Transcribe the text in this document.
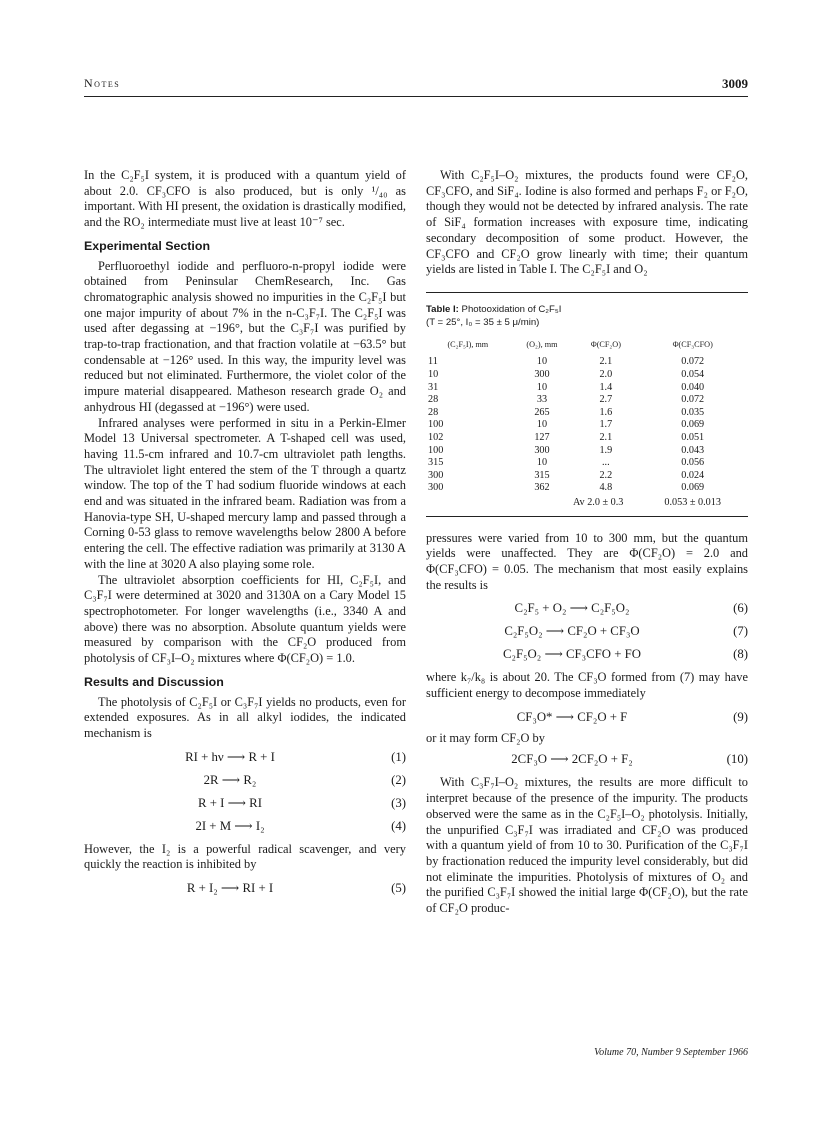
Notes	3009

In the C₂F₅I system, it is produced with a quantum yield of about 2.0. CF₃CFO is also produced, but is only ¹/₄₀ as important. With HI present, the oxidation is drastically modified, and the RO₂ intermediate must live at least 10⁻⁷ sec.

Experimental Section

Perfluoroethyl iodide and perfluoro-n-propyl iodide were obtained from Peninsular ChemResearch, Inc. Gas chromatographic analysis showed no impurities in the C₂F₅I but one major impurity of about 7% in the n-C₃F₇I. The C₂F₅I was used after degassing at −196°, but the C₃F₇I was purified by trap-to-trap fractionation, and that fraction volatile at −63.5° but condensable at −126° used. In this way, the impurity level was reduced but not eliminated. Furthermore, the violet color of the impure material disappeared. Matheson research grade O₂ and anhydrous HI (degassed at −196°) were used.

Infrared analyses were performed in situ in a Perkin-Elmer Model 13 Universal spectrometer. A T-shaped cell was used, having 11.5-cm infrared and 10.7-cm ultraviolet path lengths. The ultraviolet light entered the stem of the T through a quartz window. The top of the T had sodium fluoride windows at each end and was situated in the infrared beam. Radiation was from a Hanovia-type SH, U-shaped mercury lamp and passed through a Corning 0-53 glass to remove wavelengths below 2800 A before entering the cell. The effective radiation was primarily at 3130 A with the line at 3020 A also playing some role.

The ultraviolet absorption coefficients for HI, C₂F₅I, and C₃F₇I were determined at 3020 and 3130A on a Cary Model 15 spectrophotometer. For longer wavelengths (i.e., 3340 A and above) there was no absorption. Absolute quantum yields were measured by comparison with the CF₂O produced from photolysis of CF₃I–O₂ mixtures where Φ(CF₂O) = 1.0.

Results and Discussion

The photolysis of C₂F₅I or C₃F₇I yields no products, even for extended exposures. As in all alkyl iodides, the indicated mechanism is

RI + hν ⟶ R + I	(1)
2R ⟶ R₂	(2)
R + I ⟶ RI	(3)
2I + M ⟶ I₂	(4)

However, the I₂ is a powerful radical scavenger, and very quickly the reaction is inhibited by

R + I₂ ⟶ RI + I	(5)

With C₂F₅I–O₂ mixtures, the products found were CF₂O, CF₃CFO, and SiF₄. Iodine is also formed and perhaps F₂ or F₂O, though they would not be detected by infrared analysis. The rate of SiF₄ formation increases with exposure time, indicating secondary decomposition of some product. However, the CF₃CFO and CF₂O grow linearly with time; their quantum yields are listed in Table I. The C₂F₅I and O₂

Table I: Photooxidation of C₂F₅I
(T = 25°, I₀ = 35 ± 5 μ/min)
(C₂F₅I), mm	(O₂), mm	Φ(CF₂O)	Φ(CF₃CFO)
11	10	2.1	0.072
10	300	2.0	0.054
31	10	1.4	0.040
28	33	2.7	0.072
28	265	1.6	0.035
100	10	1.7	0.069
102	127	2.1	0.051
100	300	1.9	0.043
315	10	...	0.056
300	315	2.2	0.024
300	362	4.8	0.069
Av 2.0 ± 0.3			0.053 ± 0.013

pressures were varied from 10 to 300 mm, but the quantum yields were unaffected. They are Φ(CF₂O) = 2.0 and Φ(CF₃CFO) = 0.05. The mechanism that most easily explains the results is

C₂F₅ + O₂ ⟶ C₂F₅O₂	(6)
C₂F₅O₂ ⟶ CF₂O + CF₃O	(7)
C₂F₅O₂ ⟶ CF₃CFO + FO	(8)

where k₇/k₈ is about 20. The CF₃O formed from (7) may have sufficient energy to decompose immediately

CF₃O* ⟶ CF₂O + F	(9)

or it may form CF₂O by

2CF₃O ⟶ 2CF₂O + F₂	(10)

With C₃F₇I–O₂ mixtures, the results are more difficult to interpret because of the presence of the impurity. The products observed were the same as in the C₂F₅I–O₂ photolysis. Initially, the unpurified C₃F₇I was irradiated and CF₂O was produced with a quantum yield of from 10 to 30. Purification of the C₃F₇I by fractionation reduced the impurity level considerably, but did not eliminate the impurities. Photolysis of mixtures of O₂ and the purified C₃F₇I showed the initial large Φ(CF₂O), but the rate of CF₂O produc-

Volume 70, Number 9 September 1966
